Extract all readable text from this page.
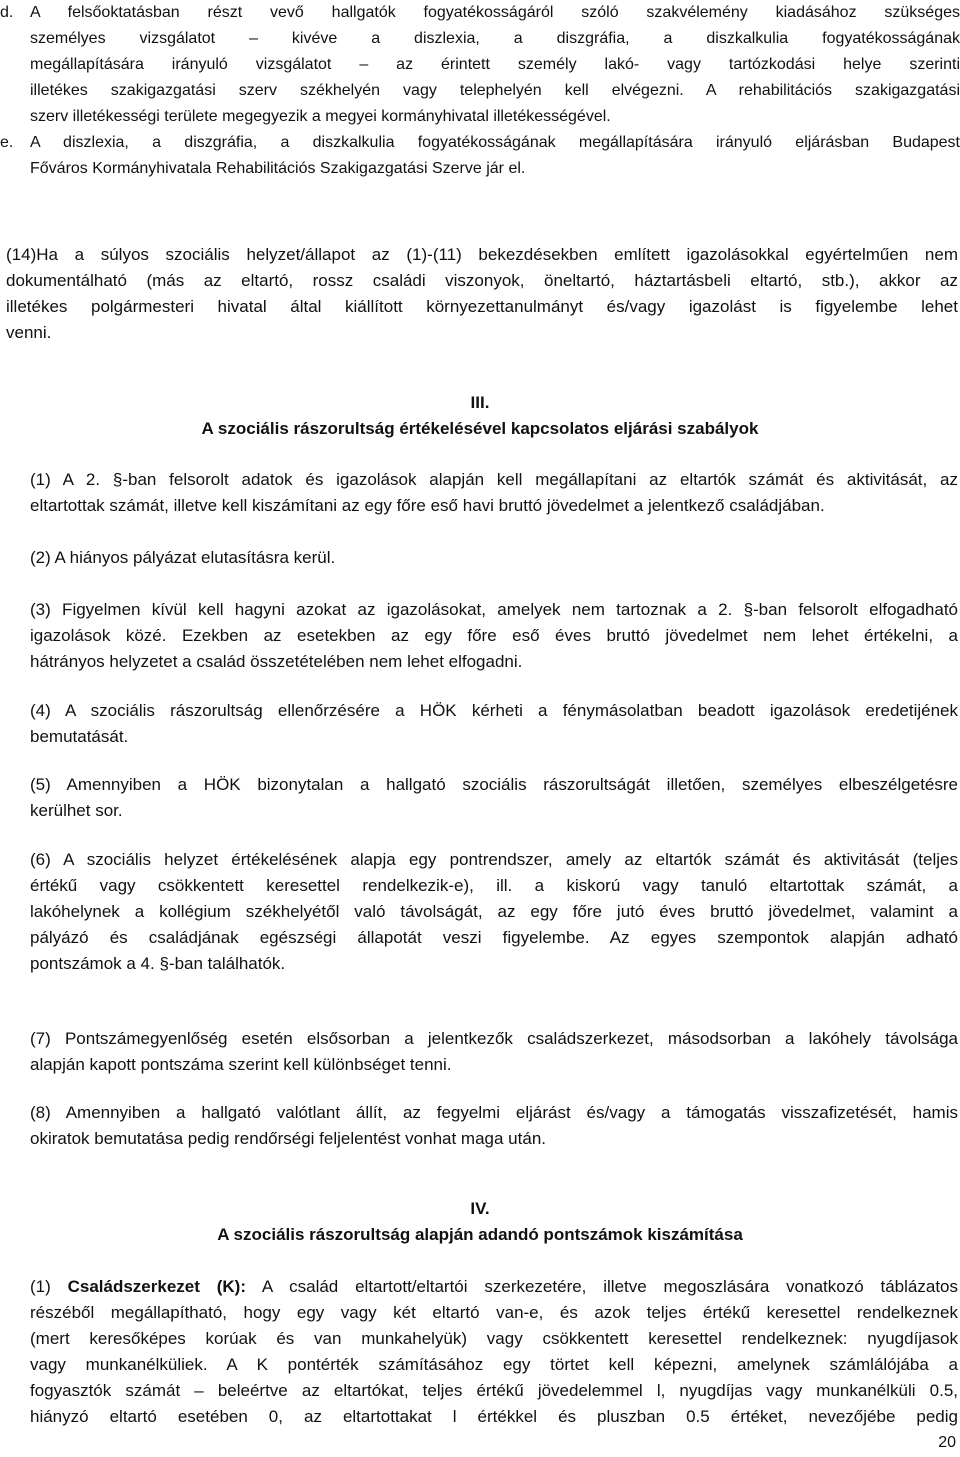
d. A felsőoktatásban részt vevő hallgatók fogyatékosságáról szóló szakvélemény kiadásához szükséges
személyes vizsgálatot – kivéve a diszlexia, a diszgráfia, a diszkalkulia fogyatékosságának
megállapítására irányuló vizsgálatot – az érintett személy lakó- vagy tartózkodási helye szerinti
illetékes szakigazgatási szerv székhelyén vagy telephelyén kell elvégezni. A rehabilitációs szakigazgatási
szerv illetékességi területe megegyezik a megyei kormányhivatal illetékességével.
e. A diszlexia, a diszgráfia, a diszkalkulia fogyatékosságának megállapítására irányuló eljárásban Budapest
Főváros Kormányhivatala Rehabilitációs Szakigazgatási Szerve jár el.
(14)Ha a súlyos szociális helyzet/állapot az (1)-(11) bekezdésekben említett igazolásokkal egyértelműen nem
dokumentálható (más az eltartó, rossz családi viszonyok, öneltartó, háztartásbeli eltartó, stb.), akkor az
illetékes polgármesteri hivatal által kiállított környezettanulmányt és/vagy igazolást is figyelembe lehet
venni.
III.
A szociális rászorultság értékelésével kapcsolatos eljárási szabályok
(1) A 2. §-ban felsorolt adatok és igazolások alapján kell megállapítani az eltartók számát és aktivitását, az
eltartottak számát, illetve kell kiszámítani az egy főre eső havi bruttó jövedelmet a jelentkező családjában.
(2) A hiányos pályázat elutasításra kerül.
(3) Figyelmen kívül kell hagyni azokat az igazolásokat, amelyek nem tartoznak a 2. §-ban felsorolt elfogadható
igazolások közé. Ezekben az esetekben az egy főre eső éves bruttó jövedelmet nem lehet értékelni, a
hátrányos helyzetet a család összetételében nem lehet elfogadni.
(4) A szociális rászorultság ellenőrzésére a HÖK kérheti a fénymásolatban beadott igazolások eredetijének
bemutatását.
(5) Amennyiben a HÖK bizonytalan a hallgató szociális rászorultságát illetően, személyes elbeszélgetésre
kerülhet sor.
(6) A szociális helyzet értékelésének alapja egy pontrendszer, amely az eltartók számát és aktivitását (teljes
értékű vagy csökkentett keresettel rendelkezik-e), ill. a kiskorú vagy tanuló eltartottak számát, a
lakóhelynek a kollégium székhelyétől való távolságát, az egy főre jutó éves bruttó jövedelmet, valamint a
pályázó és családjának egészségi állapotát veszi figyelembe. Az egyes szempontok alapján adható
pontszámok a 4. §-ban találhatók.
(7) Pontszámegyenlőség esetén elsősorban a jelentkezők családszerkezet, másodsorban a lakóhely távolsága
alapján kapott pontszáma szerint kell különbséget tenni.
(8) Amennyiben a hallgató valótlant állít, az fegyelmi eljárást és/vagy a támogatás visszafizetését, hamis
okiratok bemutatása pedig rendőrségi feljelentést vonhat maga után.
IV.
A szociális rászorultság alapján adandó pontszámok kiszámítása
(1) Családszerkezet (K): A család eltartott/eltartói szerkezetére, illetve megoszlására vonatkozó táblázatos
részéből megállapítható, hogy egy vagy két eltartó van-e, és azok teljes értékű keresettel rendelkeznek
(mert keresőképes korúak és van munkahelyük) vagy csökkentett keresettel rendelkeznek: nyugdíjasok
vagy munkanélküliek. A K pontérték számításához egy törtet kell képezni, amelynek számlálójába a
fogyasztók számát – beleértve az eltartókat, teljes értékű jövedelemmel l, nyugdíjas vagy munkanélküli 0.5,
hiányzó eltartó esetében 0, az eltartottakat l értékkel és pluszban 0.5 értéket, nevezőjébe pedig
20
